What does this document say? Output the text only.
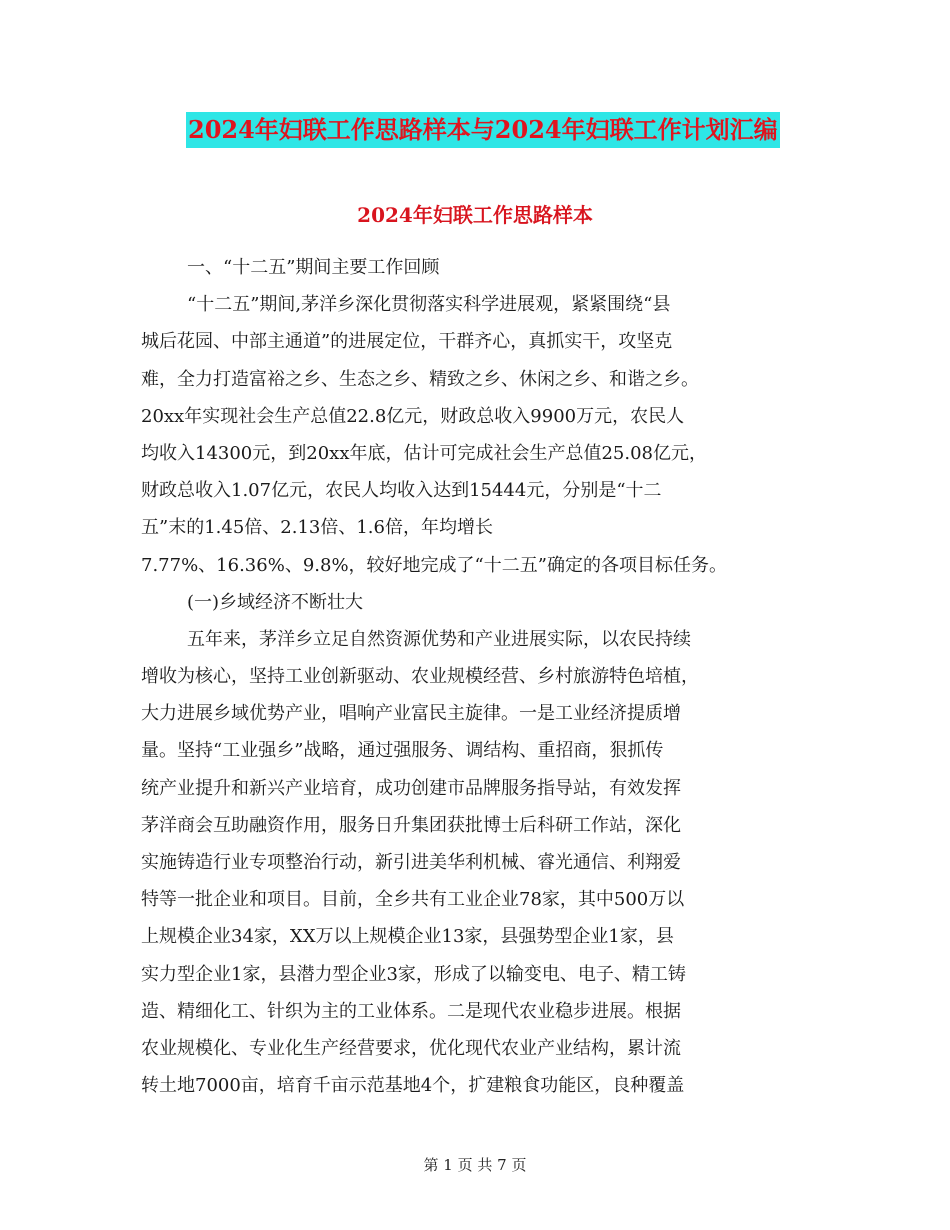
2024年妇联工作思路样本与2024年妇联工作计划汇编
2024年妇联工作思路样本
一、“十二五”期间主要工作回顾
“十二五”期间,茅洋乡深化贯彻落实科学进展观，紧紧围绕“县
城后花园、中部主通道”的进展定位，干群齐心，真抓实干，攻坚克
难，全力打造富裕之乡、生态之乡、精致之乡、休闲之乡、和谐之乡。
20xx年实现社会生产总值22.8亿元，财政总收入9900万元，农民人
均收入14300元，到20xx年底，估计可完成社会生产总值25.08亿元，
财政总收入1.07亿元，农民人均收入达到15444元，分别是“十二
五”末的1.45倍、2.13倍、1.6倍，年均增长
7.77%、16.36%、9.8%，较好地完成了“十二五”确定的各项目标任务。
(一)乡域经济不断壮大
五年来，茅洋乡立足自然资源优势和产业进展实际，以农民持续
增收为核心，坚持工业创新驱动、农业规模经营、乡村旅游特色培植，
大力进展乡域优势产业，唱响产业富民主旋律。一是工业经济提质增
量。坚持“工业强乡”战略，通过强服务、调结构、重招商，狠抓传
统产业提升和新兴产业培育，成功创建市品牌服务指导站，有效发挥
茅洋商会互助融资作用，服务日升集团获批博士后科研工作站，深化
实施铸造行业专项整治行动，新引进美华利机械、睿光通信、利翔爱
特等一批企业和项目。目前，全乡共有工业企业78家，其中500万以
上规模企业34家，XX万以上规模企业13家，县强势型企业1家，县
实力型企业1家，县潜力型企业3家，形成了以输变电、电子、精工铸
造、精细化工、针织为主的工业体系。二是现代农业稳步进展。根据
农业规模化、专业化生产经营要求，优化现代农业产业结构，累计流
转土地7000亩，培育千亩示范基地4个，扩建粮食功能区，良种覆盖
第 1 页 共 7 页
